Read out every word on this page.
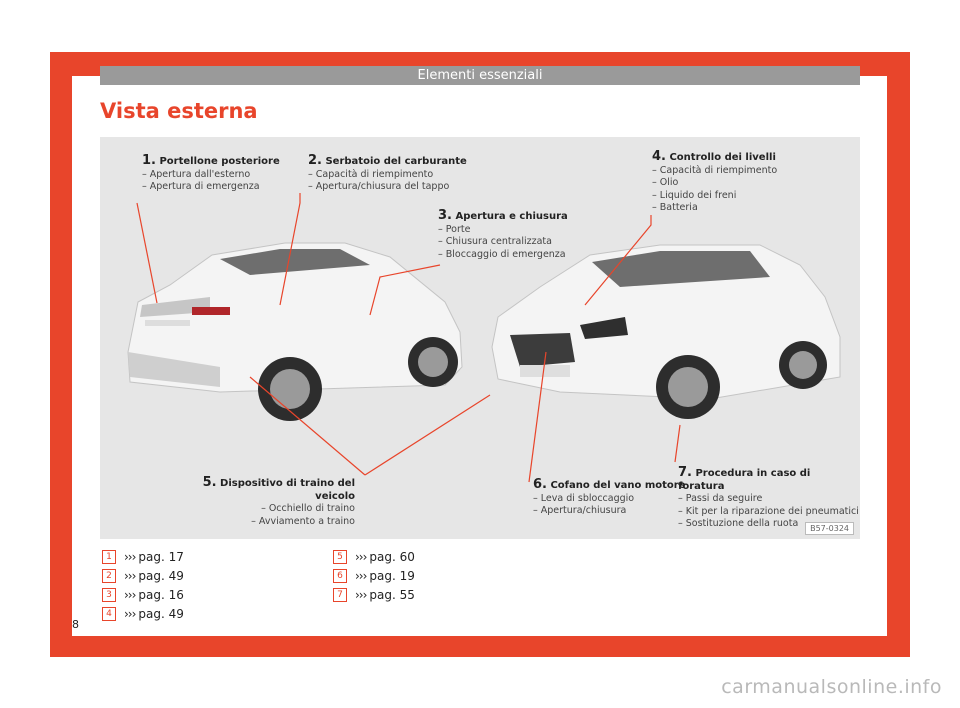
Elementi essenziali
Vista esterna
1. Portellone posteriore
– Apertura dall'esterno
– Apertura di emergenza
2. Serbatoio del carburante
– Capacità di riempimento
– Apertura/chiusura del tappo
3. Apertura e chiusura
– Porte
– Chiusura centralizzata
– Bloccaggio di emergenza
4. Controllo dei livelli
– Capacità di riempimento
– Olio
– Liquido dei freni
– Batteria
5. Dispositivo di traino del veicolo
– Occhiello di traino
– Avviamento a traino
6. Cofano del vano motore
– Leva di sbloccaggio
– Apertura/chiusura
7. Procedura in caso di foratura
– Passi da seguire
– Kit per la riparazione dei pneumatici
– Sostituzione della ruota	B57-0324
1	››› pag. 17
2	››› pag. 49
3	››› pag. 16
4	››› pag. 49
5	››› pag. 60
6	››› pag. 19
7	››› pag. 55
8
carmanualsonline.info
